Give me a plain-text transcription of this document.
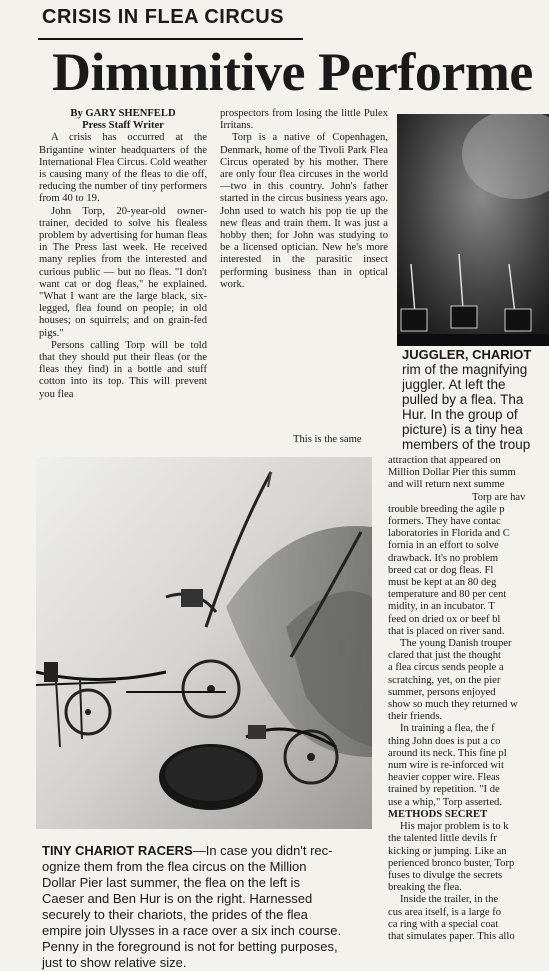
CRISIS IN FLEA CIRCUS
Dimunitive Performe

By GARY SHENFELD

Press Staff Writer

A crisis has occurred at the Brigantine winter headquarters of the International Flea Circus. Cold weather is causing many of the fleas to die off, reducing the number of tiny performers from 40 to 19.

John Torp, 20-year-old owner-trainer, decided to solve his flealess problem by advertising for human fleas in The Press last week. He received many replies from the interested and curious public — but no fleas. "I don't want cat or dog fleas," he explained. "What I want are the large black, six-legged, flea found on people; in old houses; on squirrels; and on grain-fed pigs."

Persons calling Torp will be told that they should put their fleas (or the fleas they find) in a bottle and stuff cotton into its top. This will prevent you flea

prospectors from losing the little Pulex Irritans.

Torp is a native of Copenhagen, Denmark, home of the Tivoli Park Flea Circus operated by his mother. There are only four flea circuses in the world—two in this country. John's father started in the circus business years ago. John used to watch his pop tie up the new fleas and train them. It was just a hobby then; for John was studying to be a licensed optician. New he's more interested in the parasitic insect performing business than in optical work.

This is the same
JUGGLER, CHARIOT
rim of the magnifying
juggler. At left the
pulled by a flea. Tha
Hur. In the group of
picture) is a tiny hea
members of the troup

attraction that appeared on

Million Dollar Pier this summ

and will return next summe

Torp are hav

trouble breeding the agile p

formers. They have contac

laboratories in Florida and C

fornia in an effort to solve

drawback. It's no problem

breed cat or dog fleas. Fl

must be kept at an 80 deg

temperature and 80 per cent

midity, in an incubator. T

feed on dried ox or beef bl

that is placed on river sand.

The young Danish trouper

clared that just the thought

a flea circus sends people a

scratching, yet, on the pier

summer, persons enjoyed

show so much they returned w

their friends.

In training a flea, the f

thing John does is put a co

around its neck. This fine pl

num wire is re-inforced wit

heavier copper wire. Fleas

trained by repetition. "I de

use a whip," Torp asserted.

METHODS SECRET

His major problem is to k

the talented little devils fr

kicking or jumping. Like an

perienced bronco buster, Torp

fuses to divulge the secrets

breaking the flea.

Inside the trailer, in the

cus area itself, is a large fo

ca ring with a special coat

that simulates paper. This allo

TINY CHARIOT RACERS—In case you didn't rec-
ognize them from the flea circus on the Million
Dollar Pier last summer, the flea on the left is
Caeser and Ben Hur is on the right. Harnessed
securely to their chariots, the prides of the flea
empire join Ulysses in a race over a six inch course.
Penny in the foreground is not for betting purposes,
just to show relative size.
